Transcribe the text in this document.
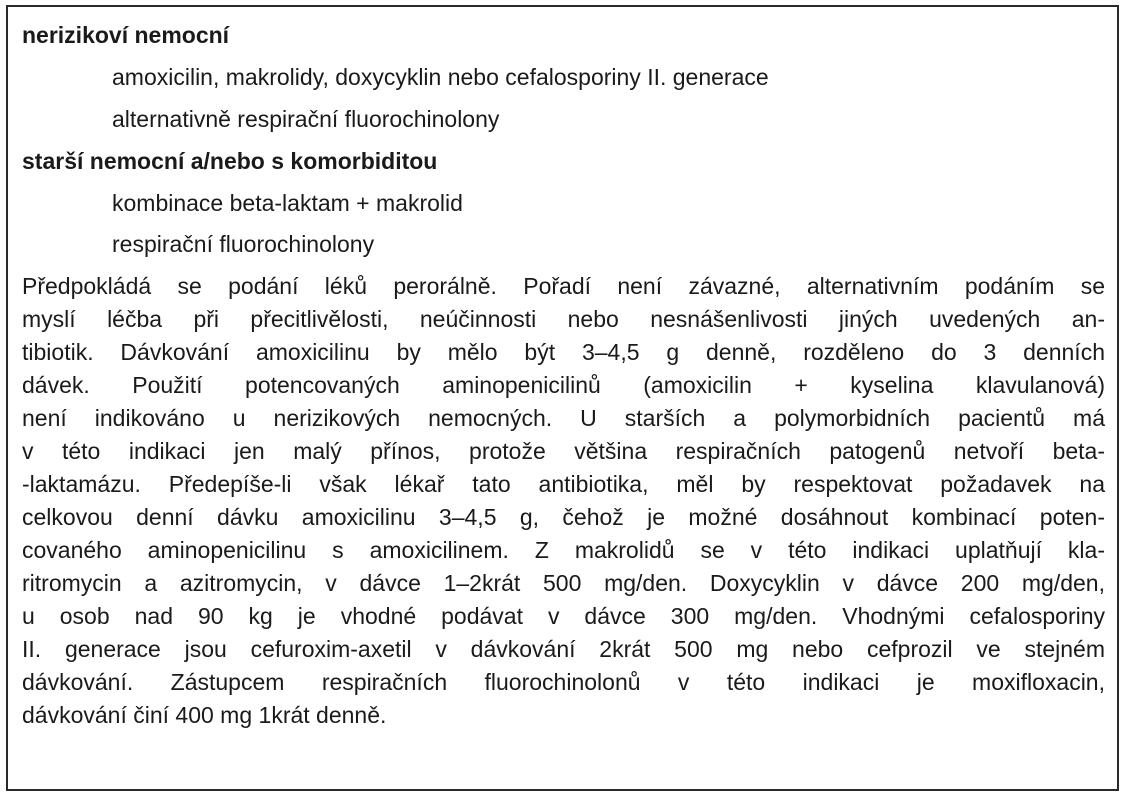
nerizikoví nemocní
amoxicilin, makrolidy, doxycyklin nebo cefalosporiny II. generace
alternativně respirační fluorochinolony
starší nemocní a/nebo s komorbiditou
kombinace beta-laktam + makrolid
respirační fluorochinolony
Předpokládá se podání léků perorálně. Pořadí není závazné, alternativním podáním se
myslí léčba při přecitlivělosti, neúčinnosti nebo nesnášenlivosti jiných uvedených an-
tibiotik. Dávkování amoxicilinu by mělo být 3–4,5 g denně, rozděleno do 3 denních
dávek. Použití potencovaných aminopenicilinů (amoxicilin + kyselina klavulanová)
není indikováno u nerizikových nemocných. U starších a polymorbidních pacientů má
v této indikaci jen malý přínos, protože většina respiračních patogenů netvoří beta-
-laktamázu. Předepíše-li však lékař tato antibiotika, měl by respektovat požadavek na
celkovou denní dávku amoxicilinu 3–4,5 g, čehož je možné dosáhnout kombinací poten-
covaného aminopenicilinu s amoxicilinem. Z makrolidů se v této indikaci uplatňují kla-
ritromycin a azitromycin, v dávce 1–2krát 500 mg/den. Doxycyklin v dávce 200 mg/den,
u osob nad 90 kg je vhodné podávat v dávce 300 mg/den. Vhodnými cefalosporiny
II. generace jsou cefuroxim-axetil v dávkování 2krát 500 mg nebo cefprozil ve stejném
dávkování. Zástupcem respiračních fluorochinolonů v této indikaci je moxifloxacin,
dávkování činí 400 mg 1krát denně.
